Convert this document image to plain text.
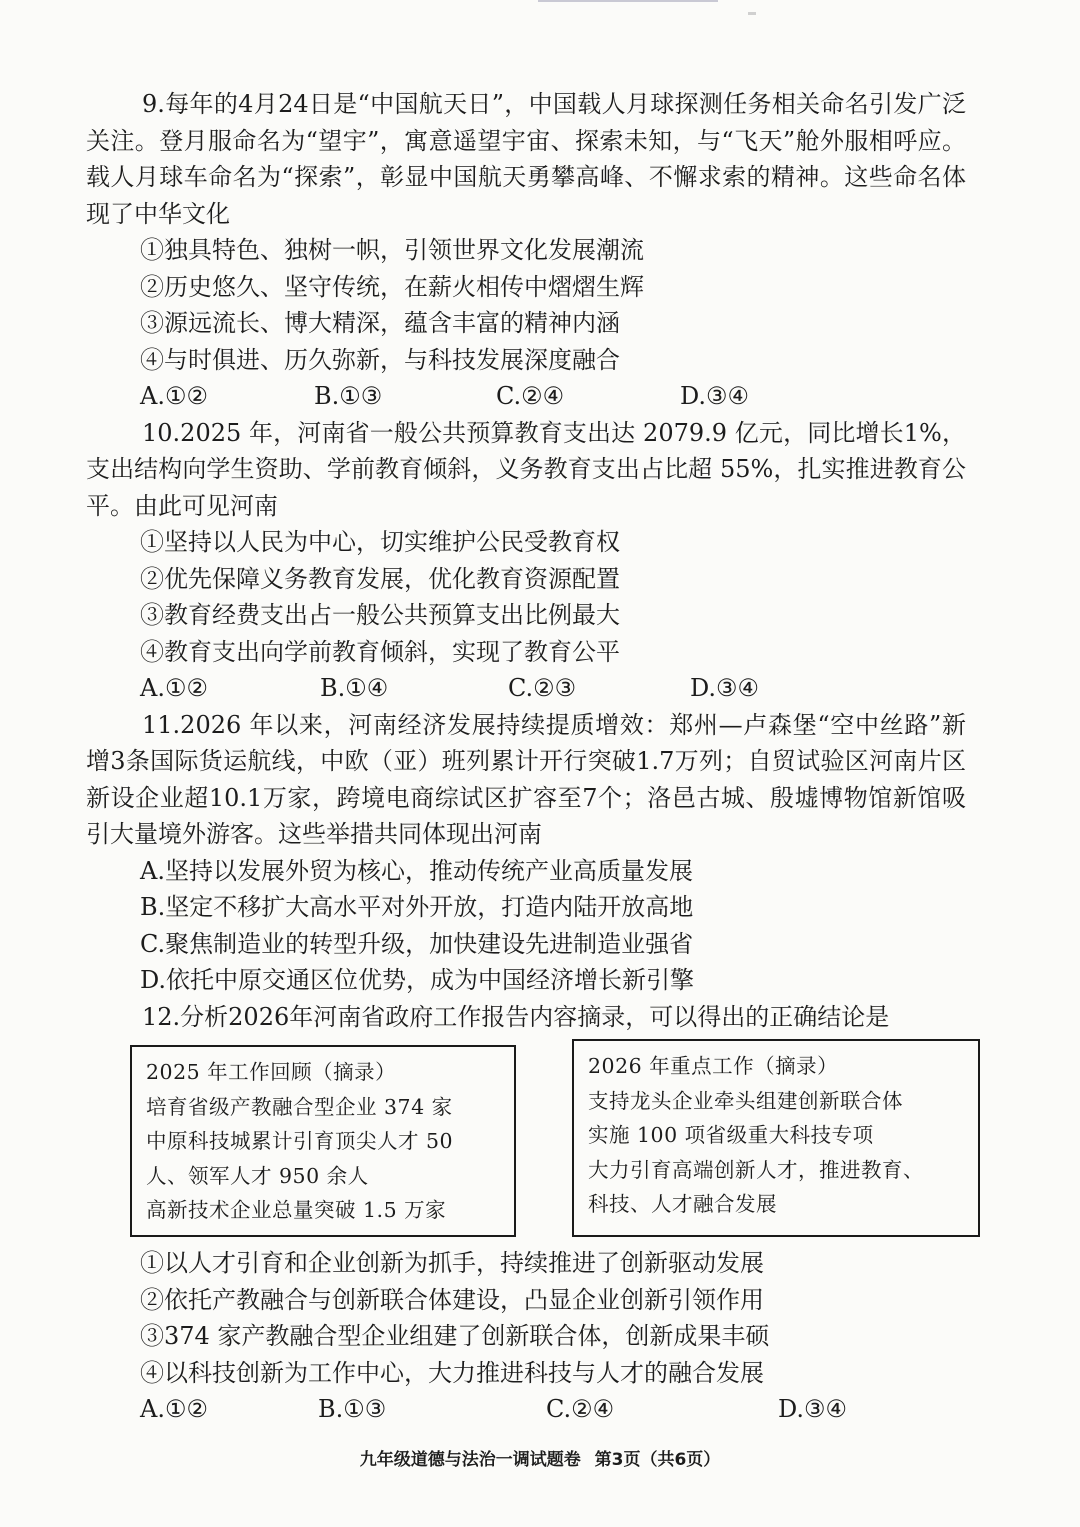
9.每年的4月24日是“中国航天日”，中国载人月球探测任务相关命名引发广泛关注。登月服命名为“望宇”，寓意遥望宇宙、探索未知，与“飞天”舱外服相呼应。载人月球车命名为“探索”，彰显中国航天勇攀高峰、不懈求索的精神。这些命名体现了中华文化

①独具特色、独树一帜，引领世界文化发展潮流

②历史悠久、坚守传统，在薪火相传中熠熠生辉

③源远流长、博大精深，蕴含丰富的精神内涵

④与时俱进、历久弥新，与科技发展深度融合

A.①②	B.①③	C.②④	D.③④

10.2025 年，河南省一般公共预算教育支出达 2079.9 亿元，同比增长1%，支出结构向学生资助、学前教育倾斜，义务教育支出占比超 55%，扎实推进教育公平。由此可见河南

①坚持以人民为中心，切实维护公民受教育权

②优先保障义务教育发展，优化教育资源配置

③教育经费支出占一般公共预算支出比例最大

④教育支出向学前教育倾斜，实现了教育公平

A.①②	B.①④	C.②③	D.③④

11.2026 年以来，河南经济发展持续提质增效：郑州—卢森堡“空中丝路”新增3条国际货运航线，中欧（亚）班列累计开行突破1.7万列；自贸试验区河南片区新设企业超10.1万家，跨境电商综试区扩容至7个；洛邑古城、殷墟博物馆新馆吸引大量境外游客。这些举措共同体现出河南

A.坚持以发展外贸为核心，推动传统产业高质量发展

B.坚定不移扩大高水平对外开放，打造内陆开放高地

C.聚焦制造业的转型升级，加快建设先进制造业强省

D.依托中原交通区位优势，成为中国经济增长新引擎

12.分析2026年河南省政府工作报告内容摘录，可以得出的正确结论是

2025 年工作回顾（摘录）
培育省级产教融合型企业 374 家
中原科技城累计引育顶尖人才 50
人、领军人才 950 余人
高新技术企业总量突破 1.5 万家
2026 年重点工作（摘录）
支持龙头企业牵头组建创新联合体
实施 100 项省级重大科技专项
大力引育高端创新人才，推进教育、
科技、人才融合发展

①以人才引育和企业创新为抓手，持续推进了创新驱动发展

②依托产教融合与创新联合体建设，凸显企业创新引领作用

③374 家产教融合型企业组建了创新联合体，创新成果丰硕

④以科技创新为工作中心，大力推进科技与人才的融合发展

A.①②	B.①③	C.②④	D.③④
九年级道德与法治一调试题卷 第3页（共6页）
